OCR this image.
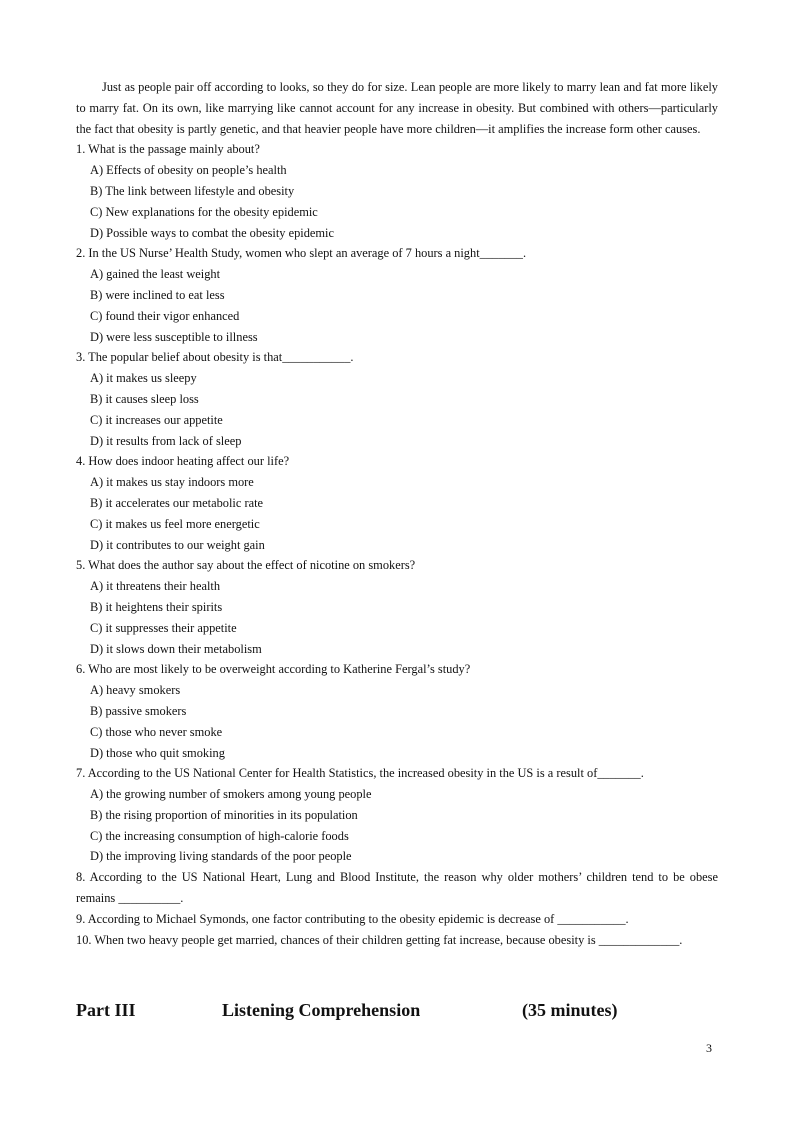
Just as people pair off according to looks, so they do for size. Lean people are more likely to marry lean and fat more likely to marry fat. On its own, like marrying like cannot account for any increase in obesity. But combined with others—particularly the fact that obesity is partly genetic, and that heavier people have more children—it amplifies the increase form other causes.

1. What is the passage mainly about?

A) Effects of obesity on people’s health

B) The link between lifestyle and obesity

C) New explanations for the obesity epidemic

D) Possible ways to combat the obesity epidemic

2. In the US Nurse’ Health Study, women who slept an average of 7 hours a night_______.

A) gained the least weight

B) were inclined to eat less

C) found their vigor enhanced

D) were less susceptible to illness

3. The popular belief about obesity is that___________.

A) it makes us sleepy

B) it causes sleep loss

C) it increases our appetite

D) it results from lack of sleep

4. How does indoor heating affect our life?

A) it makes us stay indoors more

B) it accelerates our metabolic rate

C) it makes us feel more energetic

D) it contributes to our weight gain

5. What does the author say about the effect of nicotine on smokers?

A) it threatens their health

B) it heightens their spirits

C) it suppresses their appetite

D) it slows down their metabolism

6. Who are most likely to be overweight according to Katherine Fergal’s study?

A) heavy smokers

B) passive smokers

C) those who never smoke

D) those who quit smoking

7. According to the US National Center for Health Statistics, the increased obesity in the US is a result of_______.

A) the growing number of smokers among young people

B) the rising proportion of minorities in its population

C) the increasing consumption of high-calorie foods

D) the improving living standards of the poor people

8. According to the US National Heart, Lung and Blood Institute, the reason why older mothers’ children tend to be obese remains __________.

9. According to Michael Symonds, one factor contributing to the obesity epidemic is decrease of ___________.

10. When two heavy people get married, chances of their children getting fat increase, because obesity is _____________.

Part III	Listening Comprehension	(35 minutes)
3
